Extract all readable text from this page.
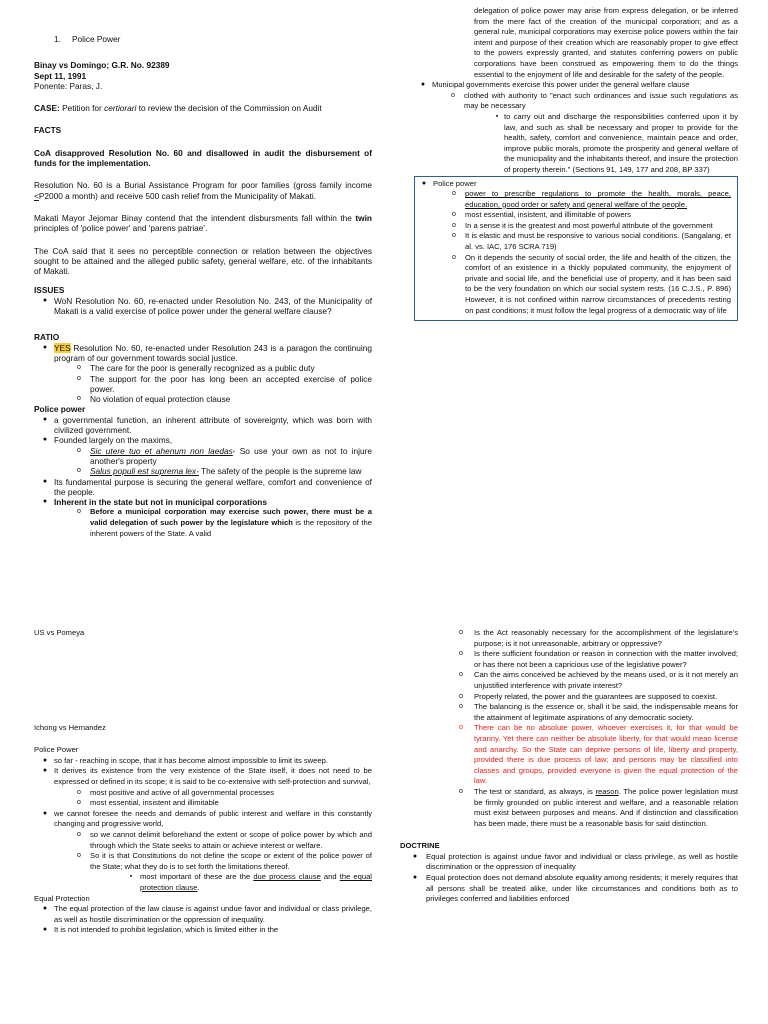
1. Police Power

Binay vs Domingo; G.R. No. 92389

Sept 11, 1991

Ponente: Paras, J.

CASE: Petition for certiorari to review the decision of the Commission on Audit

FACTS

CoA disapproved Resolution No. 60 and disallowed in audit the disbursement of funds for the implementation.

Resolution No. 60 is a Burial Assistance Program for poor families (gross family income <P2000 a month) and receive 500 cash relief from the Municipality of Makati.

Makati Mayor Jejomar Binay contend that the intendent disbursments fall within the twin principles of 'police power' and 'parens patriae'.

The CoA said that it sees no perceptible connection or relation between the objectives sought to be attained and the alleged public safety, general welfare, etc. of the inhabitants of Makati.

ISSUES

● WoN Resolution No. 60, re-enacted under Resolution No. 243, of the Municipality of Makati is a valid exercise of police power under the general welfare clause?

RATIO

● YES Resolution No. 60, re-enacted under Resolution 243 is a paragon the continuing program of our government towards social justice.
o	The care for the poor is generally recognized as a public duty
o	The support for the poor has long been an accepted exercise of police power.
o	No violation of equal protection clause

Police power

● a governmental function, an inherent attribute of sovereignty, which was born with civilized government.
● Founded largely on the maxims,
o	Sic utere tuo et ahenum non laedas- So use your own as not to injure another's property
o	Salus populi est suprema lex- The safety of the people is the supreme law
● Its fundamental purpose is securing the general welfare, comfort and convenience of the people.
● Inherent in the state but not in municipal corporations
o	Before a municipal corporation may exercise such power, there must be a valid delegation of such power by the legislature which is the repository of the inherent powers of the State. A valid

delegation of police power may arise from express delegation, or be inferred from the mere fact of the creation of the municipal corporation; and as a general rule, municipal corporations may exercise police powers within the fair intent and purpose of their creation which are reasonably proper to give effect to the powers expressly granted, and statutes conferring powers on public corporations have been construed as empowering them to do the things essential to the enjoyment of life and desirable for the safety of the people.

● Municipal governments exercise this power under the general welfare clause
o	clothed with authority to "enact such ordinances and issue such regulations as may be necessary
▪ to carry out and discharge the responsibilities conferred upon it by law, and such as shall be necessary and proper to provide for the health, safety, comfort and convenience, maintain peace and order, improve public morals, promote the prosperity and general welfare of the municipality and the inhabitants thereof, and insure the protection of property therein." (Sections 91, 149, 177 and 208, BP 337)
● Police power
o	power to prescribe regulations to promote the health, morals, peace, education, good order or safety and general welfare of the people.
o	most essential, insistent, and illimitable of powers
o	In a sense it is the greatest and most powerful attribute of the government
o	It is elastic and must be responsive to various social conditions. (Sangalang, et al. vs. IAC, 176 SCRA 719)
o	On it depends the security of social order, the life and health of the citizen, the comfort of an existence in a thickly populated community, the enjoyment of private and social life, and the beneficial use of property, and it has been said to be the very foundation on which our social system rests. (16 C.J.S., P. 896) However, it is not confined within narrow circumstances of precedents resting on past conditions; it must follow the legal progress of a democratic way of life

US vs Pomeya

Ichong vs Hernandez

Police Power

● so far - reaching in scope, that it has become almost impossible to limit its sweep.
● It derives its existence from the very existence of the State itself, it does not need to be expressed or defined in its scope; it is said to be co-extensive with self-protection and survival,
o	most positive and active of all governmental processes
o	most essential, insistent and illimitable
● we cannot foresee the needs and demands of public interest and welfare in this constantly changing and progressive world,
o	so we cannot delimit beforehand the extent or scope of police power by which and through which the State seeks to attain or achieve interest or welfare.
o	So it is that Constitutions do not define the scope or extent of the police power of the State; what they do is to set forth the limitations thereof.
▪	most important of these are the due process clause and the equal protection clause.

Equal Protection

● The equal protection of the law clause is against undue favor and individual or class privilege, as well as hostile discrimination or the oppression of inequality.
● It is not intended to prohibit legislation, which is limited either in the
o	Is the Act reasonably necessary for the accomplishment of the legislature's purpose; is it not unreasonable, arbitrary or oppressive?
o	Is there sufficient foundation or reason in connection with the matter involved; or has there not been a capricious use of the legislative power?
o	Can the aims conceived be achieved by the means used, or is it not merely an unjustified interference with private interest?
o	Properly related, the power and the guarantees are supposed to coexist.
o	The balancing is the essence or, shall it be said, the indispensable means for the attainment of legitimate aspirations of any democratic society.
o	There can be no absolute power, whoever exercises it, for that would be tyranny. Yet there can neither be absolute liberty, for that would mean license and anarchy. So the State can deprive persons of life, liberty and property, provided there is due process of law; and persons may be classified into classes and groups, provided everyone is given the equal protection of the law.
o	The test or standard, as always, is reason. The police power legislation must be firmly grounded on public interest and welfare, and a reasonable relation must exist between purposes and means. And if distinction and classification has been made, there must be a reasonable basis for said distinction.

DOCTRINE

●	Equal protection is against undue favor and individual or class privilege, as well as hostile discrimination or the oppression of inequality
●	Equal protection does not demand absolute equality among residents; it merely requires that all persons shall be treated alike, under like circumstances and conditions both as to privileges conferred and liabilities enforced
